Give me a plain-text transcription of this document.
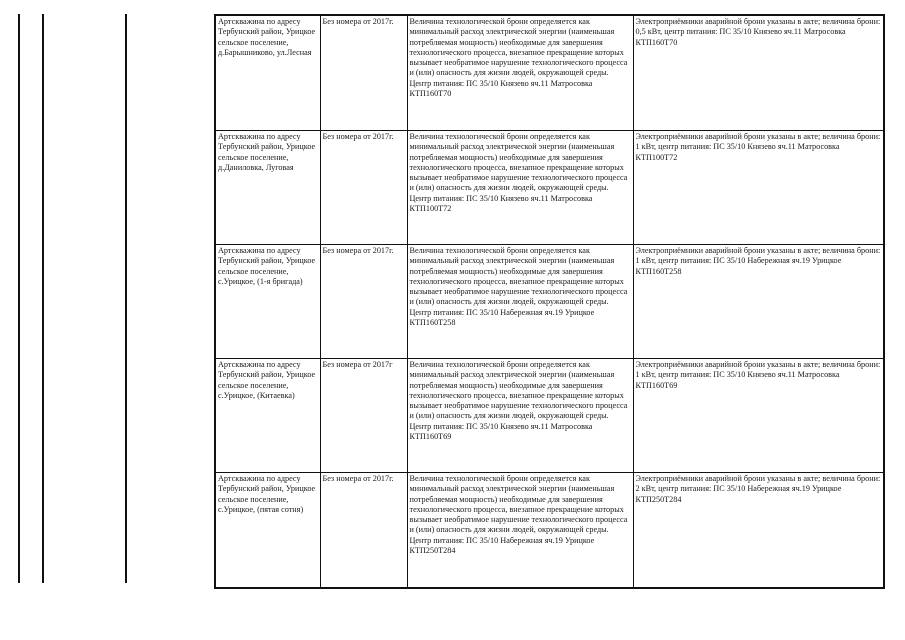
Артскважина по адресу Тербунский район, Урицкое сельское поселение, д.Барышниково, ул.Лесная	Без номера от 2017г.	Величина технологической брони определяется как минимальный расход электрической энергии (наименьшая потребляемая мощность) необходимые для завершения технологического процесса, внезапное прекращение которых вызывает необратимое нарушение технологического процесса и (или) опасность для жизни людей, окружающей среды. Центр питания: ПС 35/10 Князево яч.11 Матросовка КТП160Т70	Электроприёмники аварийной брони указаны в акте; величина брони: 0,5 кВт, центр питания: ПС 35/10 Князево яч.11 Матросовка КТП160Т70
Артскважина по адресу Тербунский район, Урицкое сельское поселение, д.Даниловка, Луговая	Без номера от 2017г.	Величина технологической брони определяется как минимальный расход электрической энергии (наименьшая потребляемая мощность) необходимые для завершения технологического процесса, внезапное прекращение которых вызывает необратимое нарушение технологического процесса и (или) опасность для жизни людей, окружающей среды. Центр питания: ПС 35/10 Князево яч.11 Матросовка КТП100Т72	Электроприёмники аварийной брони указаны в акте; величина брони: 1 кВт, центр питания: ПС 35/10 Князево яч.11 Матросовка КТП100Т72
Артскважина по адресу Тербунский район, Урицкое сельское поселение, с.Урицкое, (1-я бригада)	Без номера от 2017г.	Величина технологической брони определяется как минимальный расход электрической энергии (наименьшая потребляемая мощность) необходимые для завершения технологического процесса, внезапное прекращение которых вызывает необратимое нарушение технологического процесса и (или) опасность для жизни людей, окружающей среды. Центр питания: ПС 35/10 Набережная яч.19 Урицкое КТП160Т258	Электроприёмники аварийной брони указаны в акте; величина брони: 1 кВт, центр питания: ПС 35/10 Набережная яч.19 Урицкое КТП160Т258
Артскважина по адресу Тербунский район, Урицкое сельское поселение, с.Урицкое, (Китаевка)	Без номера от 2017г	Величина технологической брони определяется как минимальный расход электрической энергии (наименьшая потребляемая мощность) необходимые для завершения технологического процесса, внезапное прекращение которых вызывает необратимое нарушение технологического процесса и (или) опасность для жизни людей, окружающей среды. Центр питания: ПС 35/10 Князево яч.11 Матросовка КТП160Т69	Электроприёмники аварийной брони указаны в акте; величина брони: 1 кВт, центр питания: ПС 35/10 Князево яч.11 Матросовка КТП160Т69
Артскважина по адресу Тербунский район, Урицкое сельское поселение, с.Урицкое, (пятая сотня)	Без номера от 2017г.	Величина технологической брони определяется как минимальный расход электрической энергии (наименьшая потребляемая мощность) необходимые для завершения технологического процесса, внезапное прекращение которых вызывает необратимое нарушение технологического процесса и (или) опасность для жизни людей, окружающей среды. Центр питания: ПС 35/10 Набережная яч.19 Урицкое КТП250Т284	Электроприёмники аварийной брони указаны в акте; величина брони: 2 кВт, центр питания: ПС 35/10 Набережная яч.19 Урицкое КТП250Т284
